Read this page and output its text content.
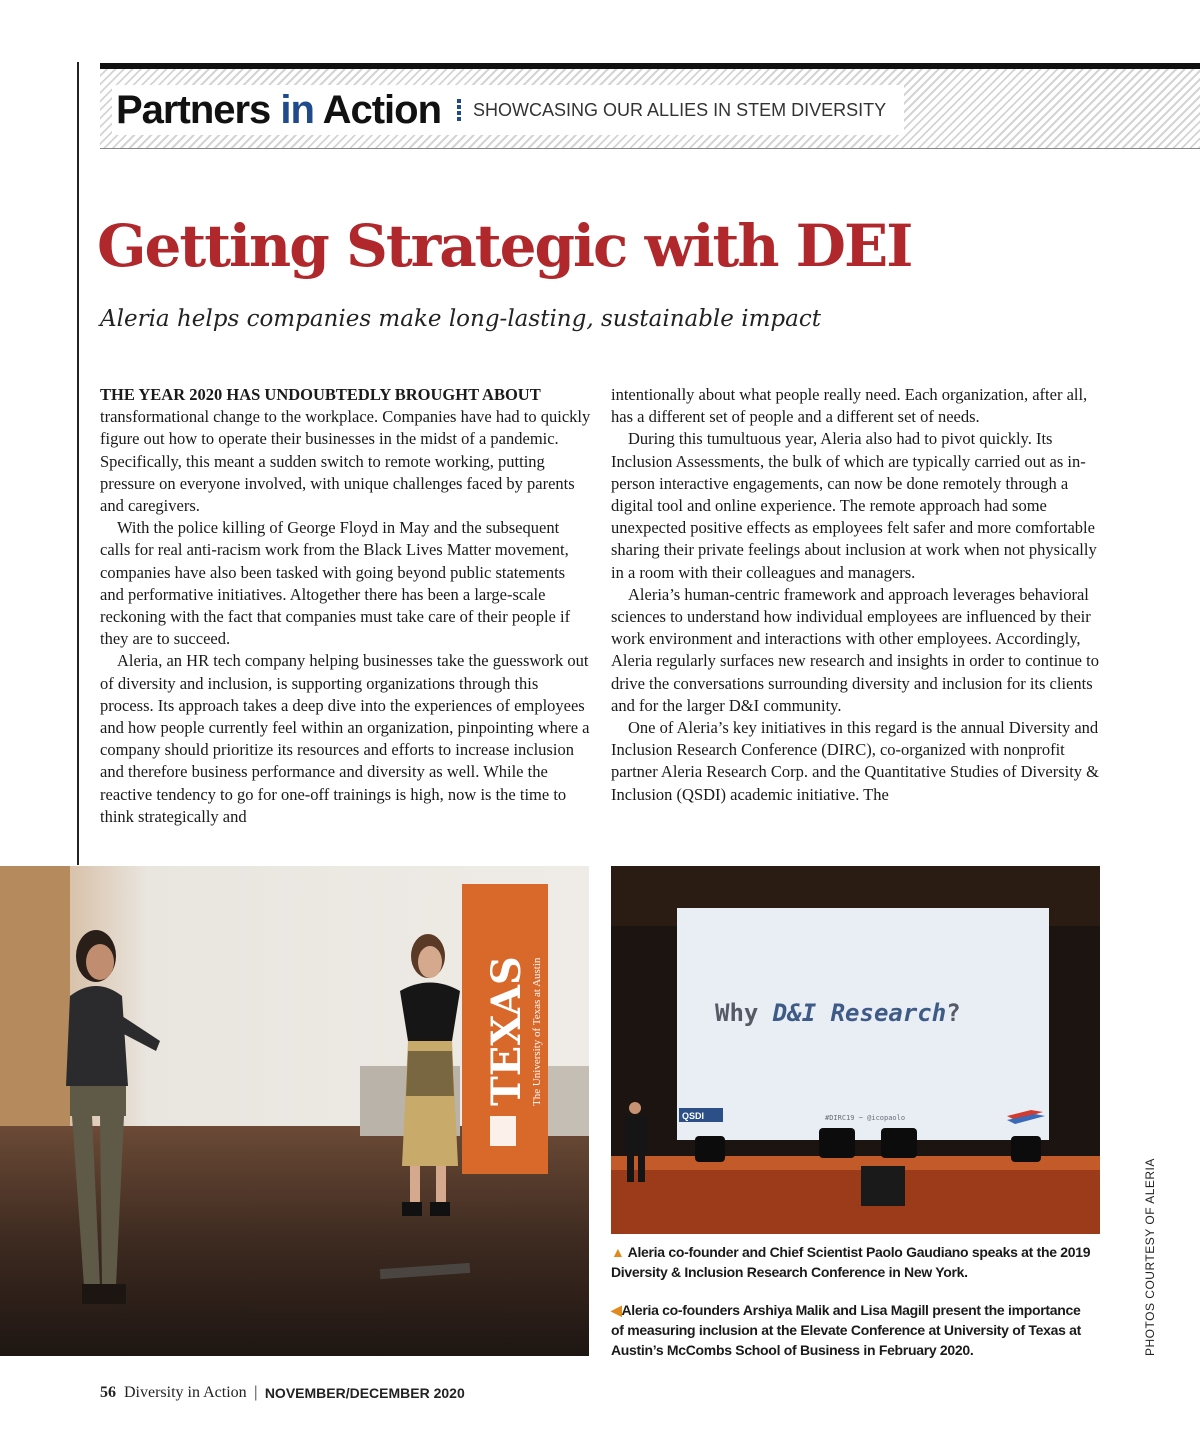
Partners in Action SHOWCASING OUR ALLIES IN STEM DIVERSITY
Getting Strategic with DEI

Aleria helps companies make long-lasting, sustainable impact

THE YEAR 2020 HAS UNDOUBTEDLY BROUGHT ABOUT
transformational change to the workplace. Companies have had to quickly figure out how to operate their businesses in the midst of a pandemic. Specifically, this meant a sudden switch to remote working, putting pressure on everyone involved, with unique challenges faced by parents and caregivers.

With the police killing of George Floyd in May and the subsequent calls for real anti-racism work from the Black Lives Matter movement, companies have also been tasked with going beyond public statements and performative initiatives. Altogether there has been a large-scale reckoning with the fact that companies must take care of their people if they are to succeed.

Aleria, an HR tech company helping businesses take the guesswork out of diversity and inclusion, is supporting organizations through this process. Its approach takes a deep dive into the experiences of employees and how people currently feel within an organization, pinpointing where a company should prioritize its resources and efforts to increase inclusion and therefore business performance and diversity as well. While the reactive tendency to go for one-off trainings is high, now is the time to think strategically and

intentionally about what people really need. Each organization, after all, has a different set of people and a different set of needs.

During this tumultuous year, Aleria also had to pivot quickly. Its Inclusion Assessments, the bulk of which are typically carried out as in-person interactive engagements, can now be done remotely through a digital tool and online experience. The remote approach had some unexpected positive effects as employees felt safer and more comfortable sharing their private feelings about inclusion at work when not physically in a room with their colleagues and managers.

Aleria’s human-centric framework and approach leverages behavioral sciences to understand how individual employees are influenced by their work environment and interactions with other employees. Accordingly, Aleria regularly surfaces new research and insights in order to continue to drive the conversations surrounding diversity and inclusion for its clients and for the larger D&I community.

One of Aleria’s key initiatives in this regard is the annual Diversity and Inclusion Research Conference (DIRC), co-organized with nonprofit partner Aleria Research Corp. and the Quantitative Studies of Diversity & Inclusion (QSDI) academic initiative. The

TEXAS The University of Texas at Austin	Why D&I Research?
QSDI	#DIRC19 ~ @icopaolo
▲ Aleria co-founder and Chief Scientist Paolo Gaudiano speaks at the 2019 Diversity & Inclusion Research Conference in New York.
◀Aleria co-founders Arshiya Malik and Lisa Magill present the importance of measuring inclusion at the Elevate Conference at University of Texas at Austin’s McCombs School of Business in February 2020.	PHOTOS COURTESY OF ALERIA
56 Diversity in Action | NOVEMBER/DECEMBER 2020
